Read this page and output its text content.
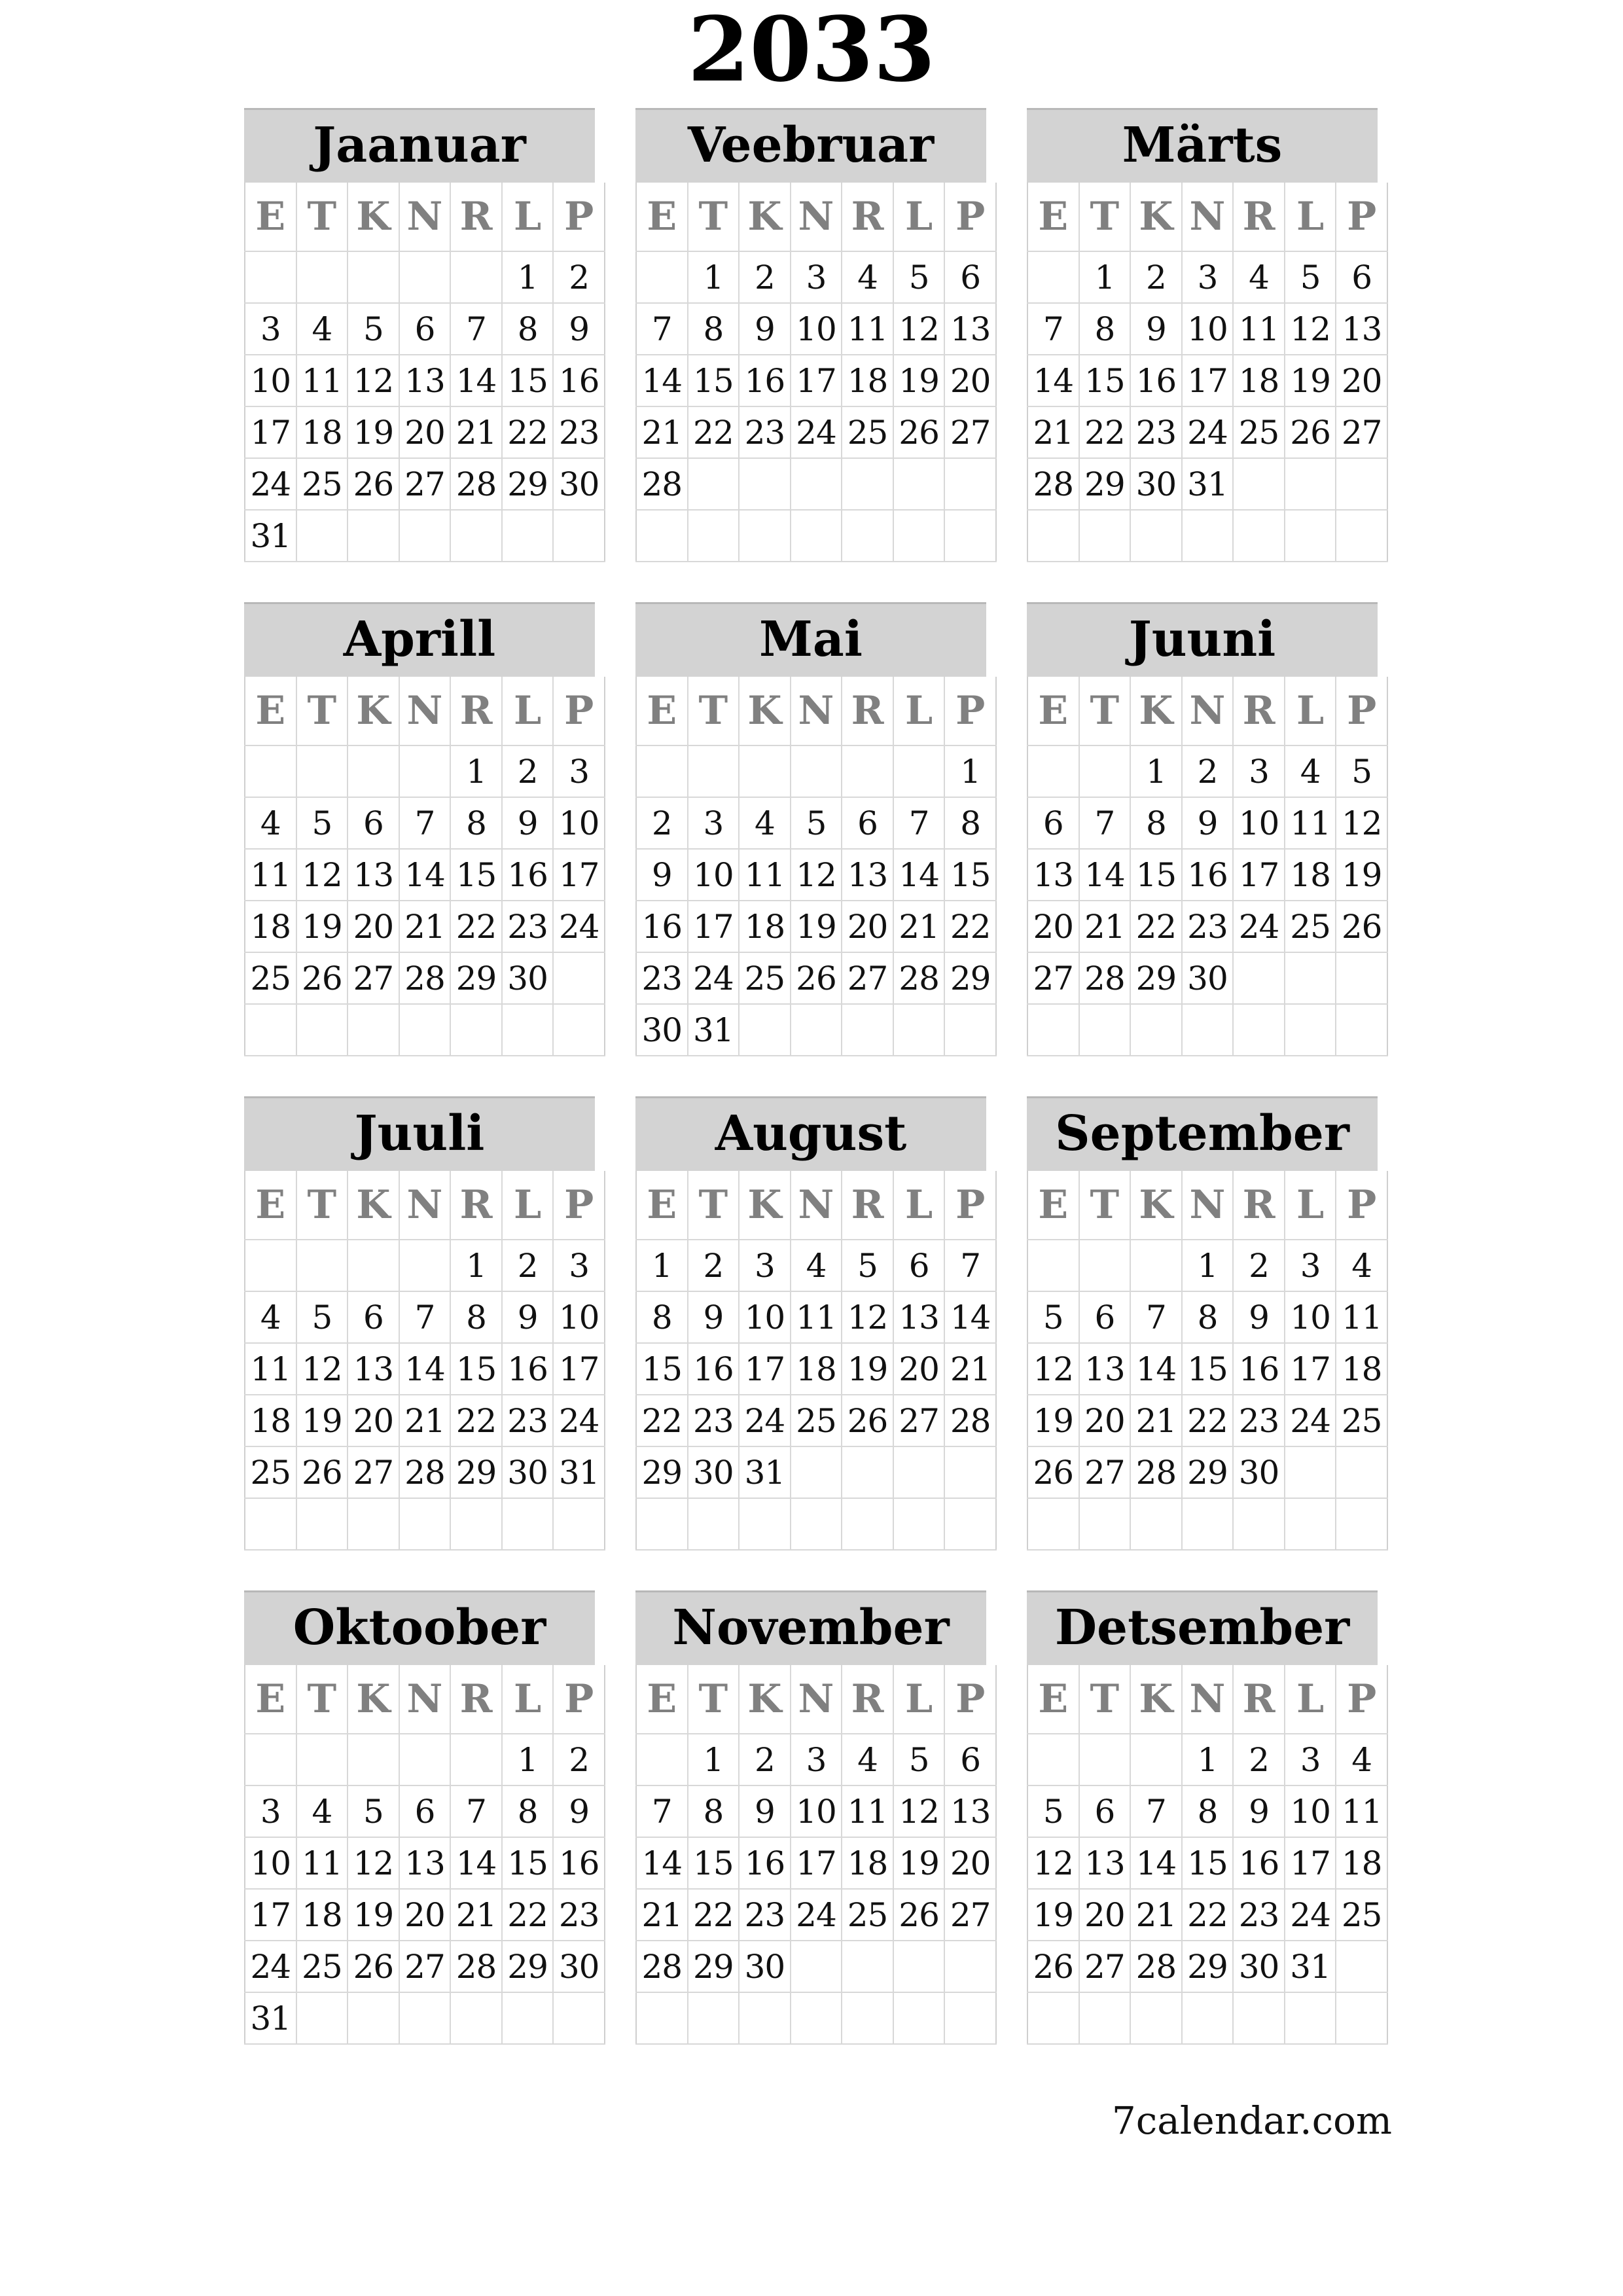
2033
Jaanuar
E	T	K	N	R	L	P
					1	2
3	4	5	6	7	8	9
10	11	12	13	14	15	16
17	18	19	20	21	22	23
24	25	26	27	28	29	30
31						
Veebruar
E	T	K	N	R	L	P
	1	2	3	4	5	6
7	8	9	10	11	12	13
14	15	16	17	18	19	20
21	22	23	24	25	26	27
28						

Märts
E	T	K	N	R	L	P
	1	2	3	4	5	6
7	8	9	10	11	12	13
14	15	16	17	18	19	20
21	22	23	24	25	26	27
28	29	30	31			

Aprill
E	T	K	N	R	L	P
				1	2	3
4	5	6	7	8	9	10
11	12	13	14	15	16	17
18	19	20	21	22	23	24
25	26	27	28	29	30	

Mai
E	T	K	N	R	L	P
						1
2	3	4	5	6	7	8
9	10	11	12	13	14	15
16	17	18	19	20	21	22
23	24	25	26	27	28	29
30	31					
Juuni
E	T	K	N	R	L	P
		1	2	3	4	5
6	7	8	9	10	11	12
13	14	15	16	17	18	19
20	21	22	23	24	25	26
27	28	29	30			

Juuli
E	T	K	N	R	L	P
				1	2	3
4	5	6	7	8	9	10
11	12	13	14	15	16	17
18	19	20	21	22	23	24
25	26	27	28	29	30	31

August
E	T	K	N	R	L	P
1	2	3	4	5	6	7
8	9	10	11	12	13	14
15	16	17	18	19	20	21
22	23	24	25	26	27	28
29	30	31				

September
E	T	K	N	R	L	P
			1	2	3	4
5	6	7	8	9	10	11
12	13	14	15	16	17	18
19	20	21	22	23	24	25
26	27	28	29	30		

Oktoober
E	T	K	N	R	L	P
					1	2
3	4	5	6	7	8	9
10	11	12	13	14	15	16
17	18	19	20	21	22	23
24	25	26	27	28	29	30
31						
November
E	T	K	N	R	L	P
	1	2	3	4	5	6
7	8	9	10	11	12	13
14	15	16	17	18	19	20
21	22	23	24	25	26	27
28	29	30				

Detsember
E	T	K	N	R	L	P
			1	2	3	4
5	6	7	8	9	10	11
12	13	14	15	16	17	18
19	20	21	22	23	24	25
26	27	28	29	30	31	

7calendar.com
